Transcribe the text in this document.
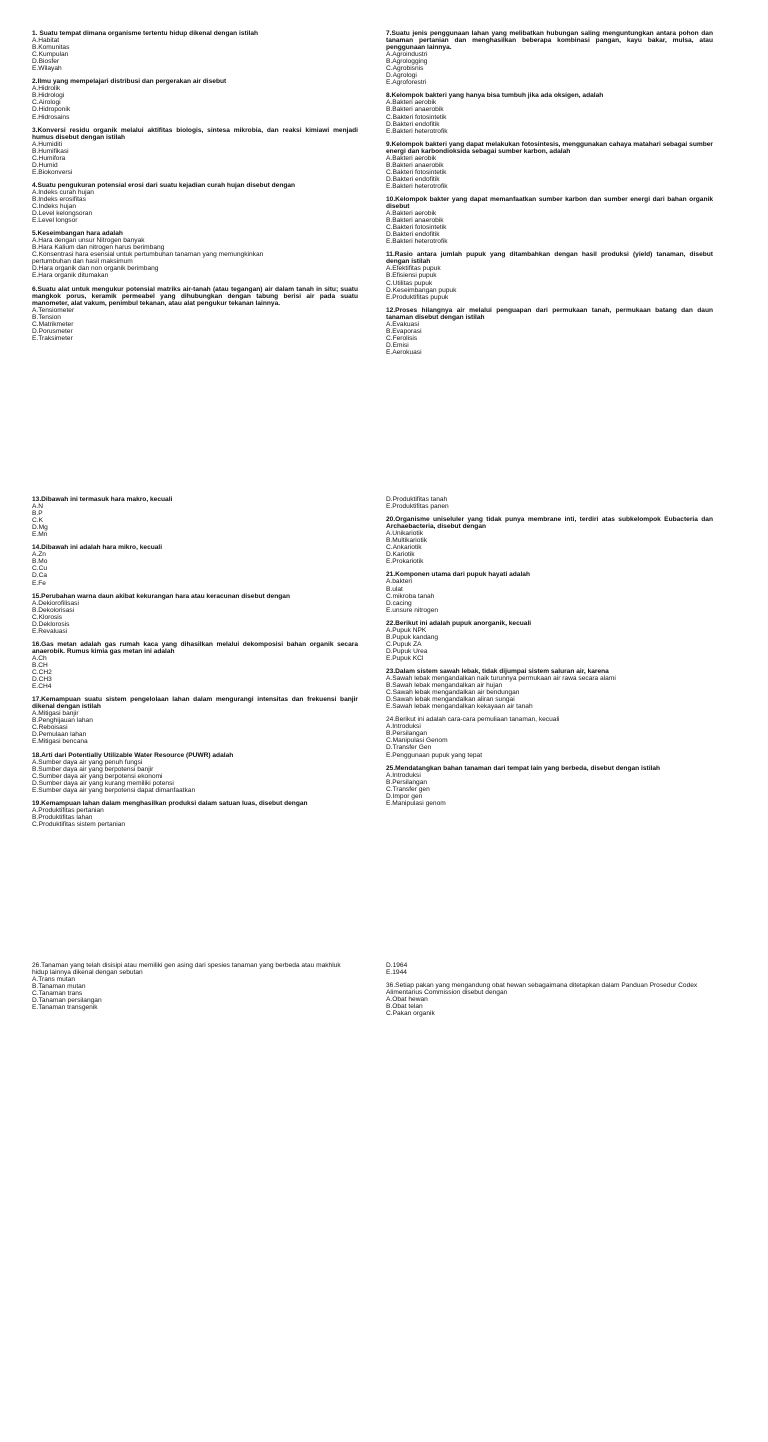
1. Suatu tempat dimana organisme tertentu hidup dikenal dengan istilah
A.Habitat
B.Komunitas
C.Kumpulan
D.Biosfer
E.Wilayah
2.Ilmu yang mempelajari distribusi dan pergerakan air disebut
A.Hidrolik
B.Hidrologi
C.Airologi
D.Hidroponik
E.Hidrosains
3.Konversi residu organik melalui aktifitas biologis, sintesa mikrobia, dan reaksi kimiawi menjadi humus disebut dengan istilah
A.Humiditi
B.Humifikasi
C.Humifora
D.Humid
E.Biokonversi
4.Suatu pengukuran potensial erosi dari suatu kejadian curah hujan disebut dengan
A.Indeks curah hujan
B.Indeks erosifitas
C.Indeks hujan
D.Level kelongsoran
E.Level longsor
5.Keseimbangan hara adalah
A.Hara dengan unsur Nitrogen banyak
B.Hara Kalium dan nitrogen harus berimbang
C.Konsentrasi hara esensial untuk pertumbuhan tanaman yang memungkinkan
pertumbuhan dan hasil maksimum
D.Hara organik dan non organik berimbang
E.Hara organik ditumakan
6.Suatu alat untuk mengukur potensial matriks air-tanah (atau tegangan) air dalam tanah in situ; suatu mangkok porus, keramik permeabel yang dihubungkan dengan tabung berisi air pada suatu manometer, alat vakum, penimbul tekanan, atau alat pengukur tekanan lainnya.
A.Tensiometer
B.Tension
C.Matrikmeter
D.Porusmeter
E.Traksimeter
7.Suatu jenis penggunaan lahan yang melibatkan hubungan saling menguntungkan antara pohon dan tanaman pertanian dan menghasilkan beberapa kombinasi pangan, kayu bakar, mulsa, atau penggunaan lainnya.
A.Agroindustri
B.Agrologging
C.Agrobisnis
D.Agrologi
E.Agroforestri
8.Kelompok bakteri yang hanya bisa tumbuh jika ada oksigen, adalah
A.Bakteri aerobik
B.Bakteri anaerobik
C.Bakteri fotosintetik
D.Bakteri endofitik
E.Bakteri heterotrofik
9.Kelompok bakteri yang dapat melakukan fotosintesis, menggunakan cahaya matahari sebagai sumber energi dan karbondioksida sebagai sumber karbon, adalah
A.Bakteri aerobik
B.Bakteri anaerobik
C.Bakteri fotosintetik
D.Bakteri endofitik
E.Bakteri heterotrofik
10.Kelompok bakter yang dapat memanfaatkan sumber karbon dan sumber energi dari bahan organik disebut
A.Bakteri aerobik
B.Bakteri anaerobik
C.Bakteri fotosintetik
D.Bakteri endofitik
E.Bakteri heterotrofik
11.Rasio antara jumlah pupuk yang ditambahkan dengan hasil produksi (yield) tanaman, disebut dengan istilah
A.Efektifitas pupuk
B.Efisiensi pupuk
C.Utilitas pupuk
D.Keseimbangan pupuk
E.Produktifitas pupuk
12.Proses hilangnya air melalui penguapan dari permukaan tanah, permukaan batang dan daun tanaman disebut dengan istilah
A.Evakuasi
B.Evaporasi
C.Ferolisis
D.Emisi
E.Aerokuasi
13.Dibawah ini termasuk hara makro, kecuali
A.N
B.P
C.K
D.Mg
E.Mn
14.Dibawah ini adalah hara mikro, kecuali
A.Zn
B.Mo
C.Cu
D.Ca
E.Fe
15.Perubahan warna daun akibat kekurangan hara atau keracunan disebut dengan
A.Dekiorofilisasi
B.Dekolorisasi
C.Klorosis
D.Deklorosis
E.Revaluasi
16.Gas metan adalah gas rumah kaca yang dihasilkan melalui dekomposisi bahan organik secara anaerobik. Rumus kimia gas metan ini adalah
A.Ch
B.CH
C.CH2
D.CH3
E.CH4
17.Kemampuan suatu sistem pengelolaan lahan dalam mengurangi intensitas dan frekuensi banjir dikenal dengan istilah
A.Mitigasi banjir
B.Penghijauan lahan
C.Reboisasi
D.Pemulaan lahan
E.Mitigasi bencana
18.Arti dari Potentially Utilizable Water Resource (PUWR) adalah
A.Sumber daya air yang penuh fungsi
B.Sumber daya air yang berpotensi banjir
C.Sumber daya air yang berpotensi ekonomi
D.Sumber daya air yang kurang memiliki potensi
E.Sumber daya air yang berpotensi dapat dimanfaatkan
19.Kemampuan lahan dalam menghasilkan produksi dalam satuan luas, disebut dengan
A.Produktifitas pertanian
B.Produktifitas lahan
C.Produktifitas sistem pertanian
D.Produktifitas tanah
E.Produktifitas panen
20.Organisme uniseluler yang tidak punya membrane inti, terdiri atas subkelompok Eubacteria dan Archaebacteria, disebut dengan
A.Unikariotik
B.Multikariotik
C.Ankariotik
D.Kariotik
E.Prokariotik
21.Komponen utama dari pupuk hayati adalah
A.bakteri
B.ulat
C.mikroba tanah
D.cacing
E.unsure nitrogen
22.Berikut ini adalah pupuk anorganik, kecuali
A.Pupuk NPK
B.Pupuk kandang
C.Pupuk ZA
D.Pupuk Urea
E.Pupuk KCl
23.Dalam sistem sawah lebak, tidak dijumpai sistem saluran air, karena
A.Sawah lebak mengandalkan naik turunnya permukaan air rawa secara alami
B.Sawah lebak mengandalkan air hujan
C.Sawah lebak mengandalkan air bendungan
D.Sawah lebak mengandalkan aliran sungai
E.Sawah lebak mengandalkan kekayaan air tanah
24.Berikut ini adalah cara-cara pemuliaan tanaman, kecuali
A.Introduksi
B.Persilangan
C.Manipulasi Genom
D.Transfer Gen
E.Penggunaan pupuk yang tepat
25.Mendatangkan bahan tanaman dari tempat lain yang berbeda, disebut dengan istilah
A.Introduksi
B.Persilangan
C.Transfer gen
D.Impor gen
E.Manipulasi genom
26.Tanaman yang telah disisipi atau memiliki gen asing dari spesies tanaman yang berbeda atau makhluk hidup lainnya dikenal dengan sebutan
A.Trans mutan
B.Tanaman mutan
C.Tanaman trans
D.Tanaman persilangan
E.Tanaman transgenik
D.1964
E.1944
36.Setiap pakan yang mengandung obat hewan sebagaimana ditetapkan dalam Panduan Prosedur Codex Alimentarius Commission disebut dengan
A.Obat hewan
B.Obat telan
C.Pakan organik
